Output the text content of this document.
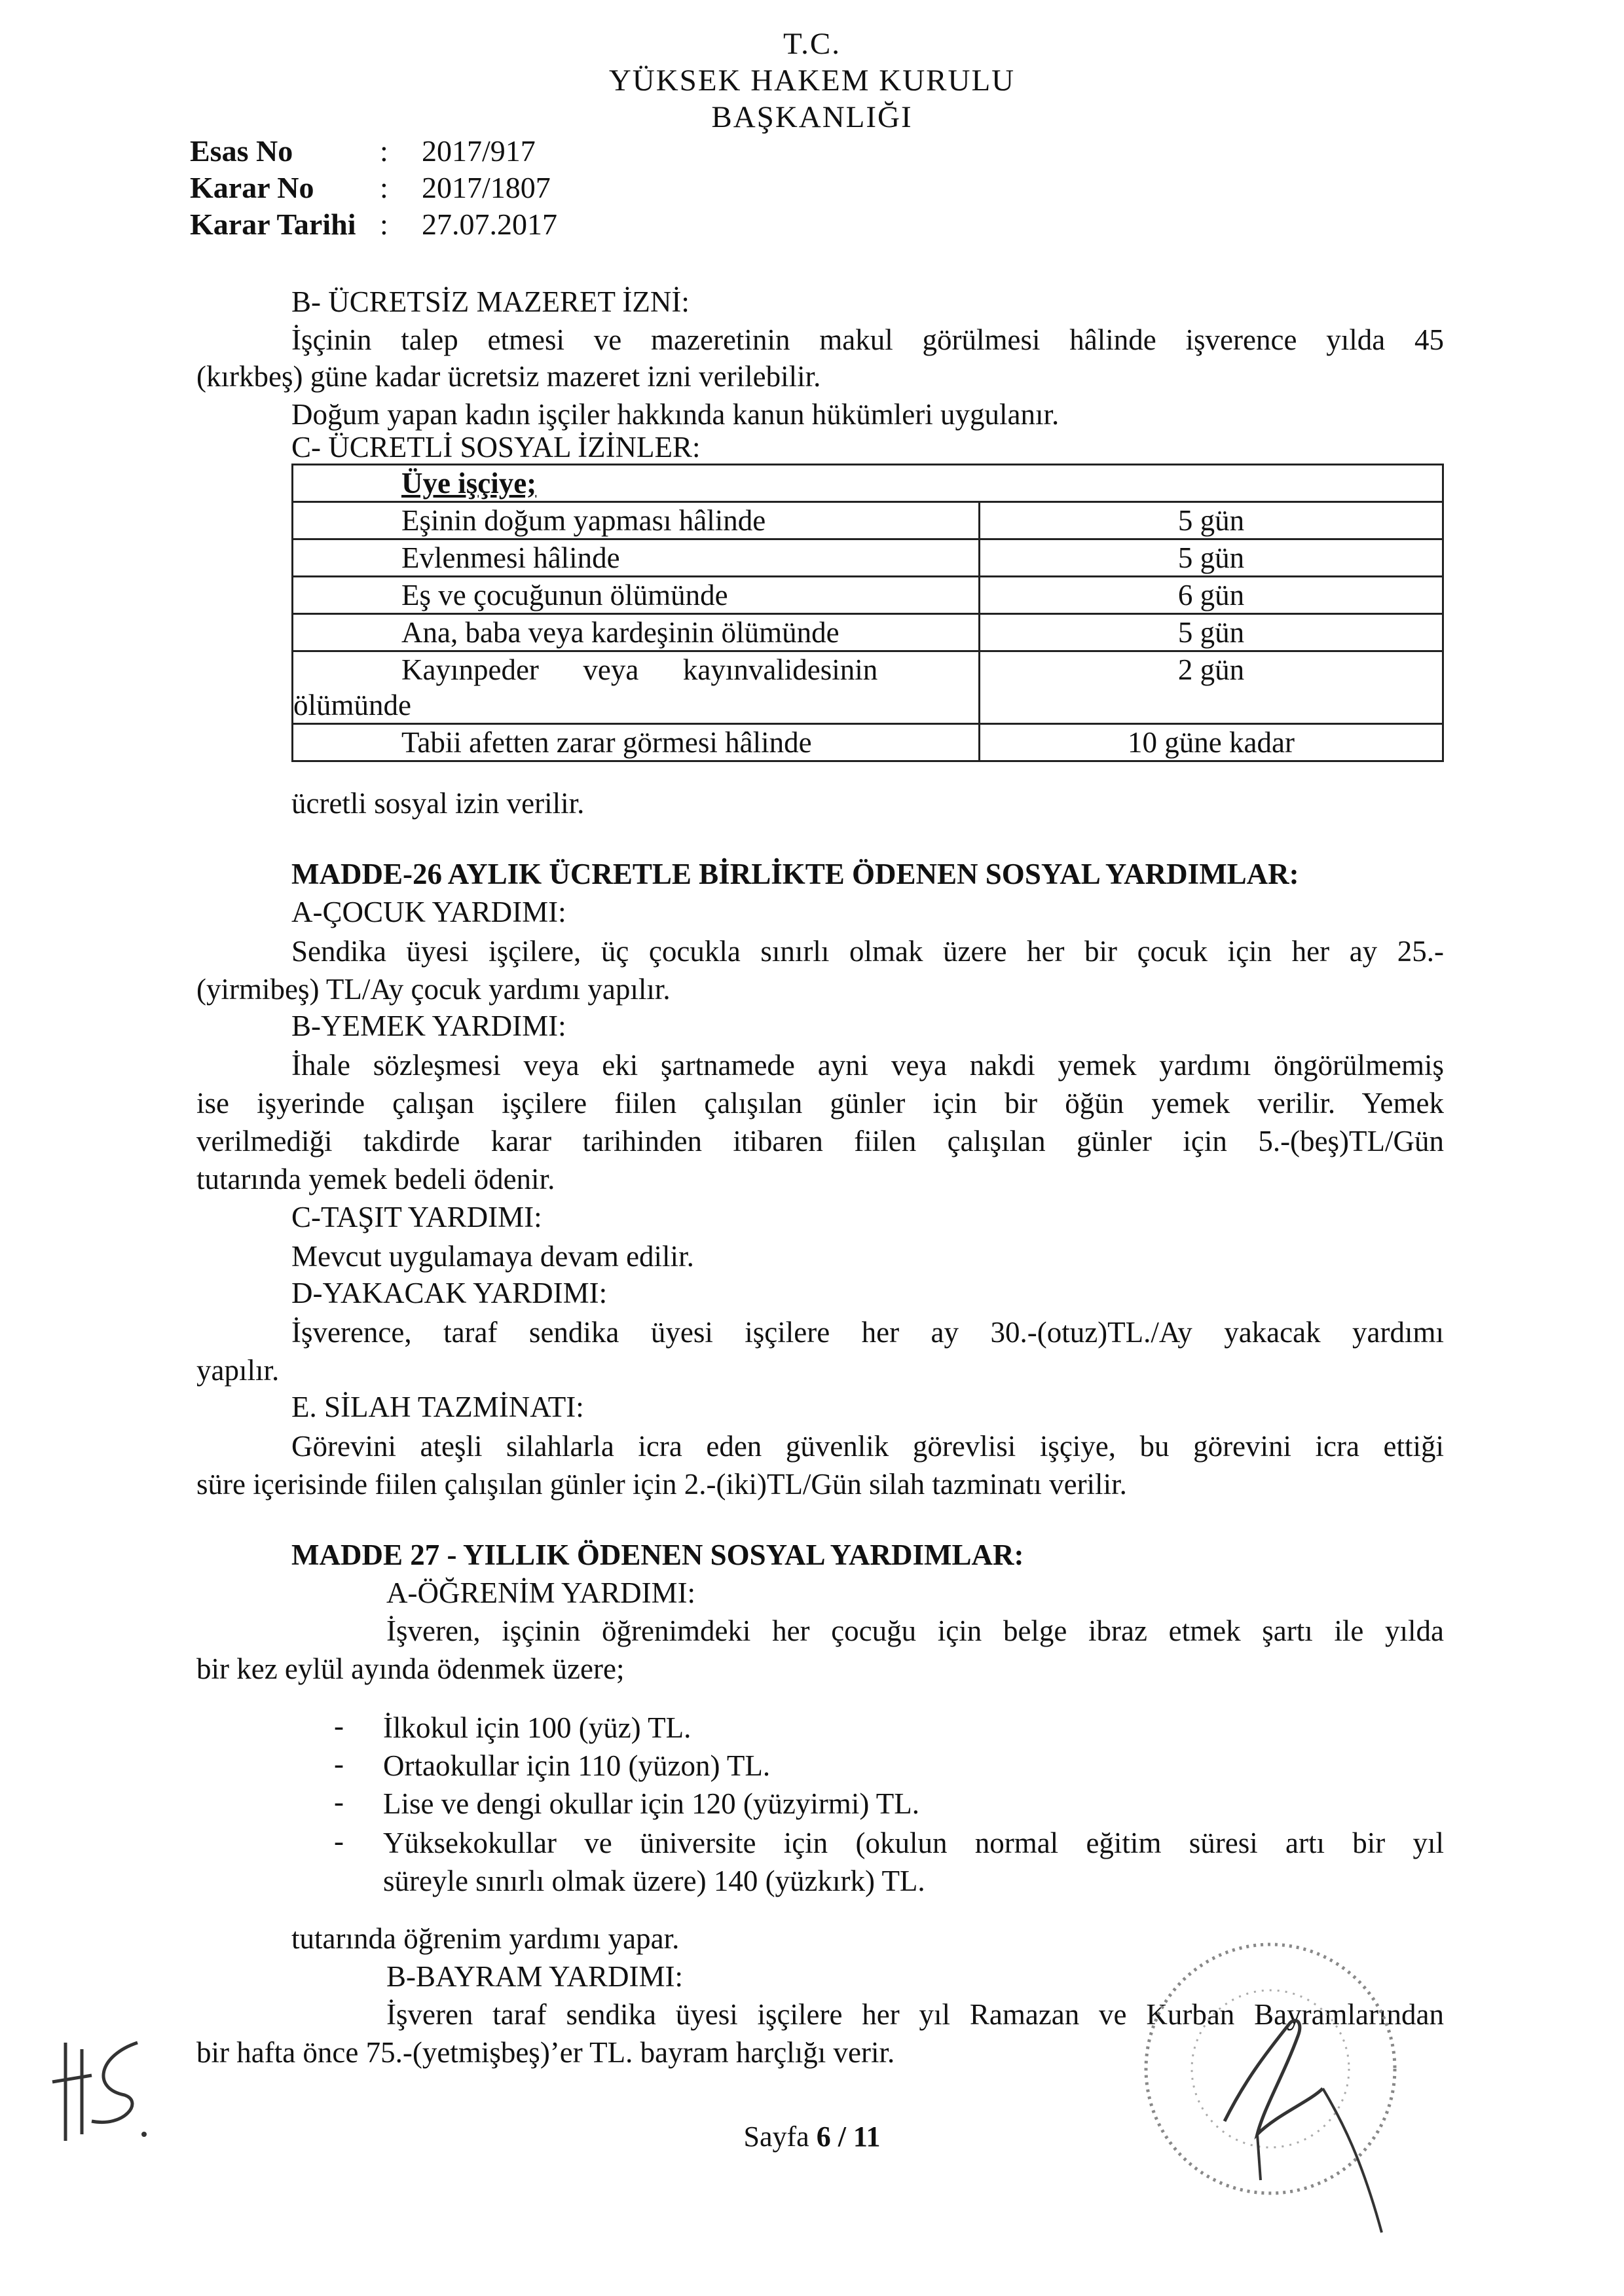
T.C.
YÜKSEK HAKEM KURULU
BAŞKANLIĞI
Esas No	: 2017/917
Karar No : 2017/1807
Karar Tarihi : 27.07.2017
B- ÜCRETSİZ MAZERET İZNİ:
İşçinin talep etmesi ve mazeretinin makul görülmesi hâlinde işverence yılda 45
(kırkbeş) güne kadar ücretsiz mazeret izni verilebilir.
Doğum yapan kadın işçiler hakkında kanun hükümleri uygulanır.
C- ÜCRETLİ SOSYAL İZİNLER:
Üye işçiye;	

Eşinin doğum yapması hâlinde	5 gün

Evlenmesi hâlinde	5 gün

Eş ve çocuğunun ölümünde	6 gün

Ana, baba veya kardeşinin ölümünde	5 gün

Kayınpeder      veya      kayınvalidesinin
ölümünde	2 gün

Tabii afetten zarar görmesi hâlinde	10 güne kadar
ücretli sosyal izin verilir.
MADDE-26 AYLIK ÜCRETLE BİRLİKTE ÖDENEN SOSYAL YARDIMLAR:
A-ÇOCUK YARDIMI:
Sendika üyesi işçilere, üç çocukla sınırlı olmak üzere her bir çocuk için her ay 25.-
(yirmibeş) TL/Ay çocuk yardımı yapılır.
B-YEMEK YARDIMI:
İhale sözleşmesi veya eki şartnamede ayni veya nakdi yemek yardımı öngörülmemiş
ise işyerinde çalışan işçilere fiilen çalışılan günler için bir öğün yemek verilir. Yemek
verilmediği takdirde karar tarihinden itibaren fiilen çalışılan günler için 5.-(beş)TL/Gün
tutarında yemek bedeli ödenir.
C-TAŞIT YARDIMI:
Mevcut uygulamaya devam edilir.
D-YAKACAK YARDIMI:
İşverence, taraf sendika üyesi işçilere her ay 30.-(otuz)TL./Ay yakacak yardımı
yapılır.
E. SİLAH TAZMİNATI:
Görevini ateşli silahlarla icra eden güvenlik görevlisi işçiye, bu görevini icra ettiği
süre içerisinde fiilen çalışılan günler için 2.-(iki)TL/Gün silah tazminatı verilir.
MADDE 27 - YILLIK ÖDENEN SOSYAL YARDIMLAR:
A-ÖĞRENİM YARDIMI:
İşveren, işçinin öğrenimdeki her çocuğu için belge ibraz etmek şartı ile yılda
bir kez eylül ayında ödenmek üzere;
- İlkokul için 100 (yüz) TL.
- Ortaokullar için 110 (yüzon) TL.
- Lise ve dengi okullar için 120 (yüzyirmi) TL.
- Yüksekokullar ve üniversite için (okulun normal eğitim süresi artı bir yıl
süreyle sınırlı olmak üzere) 140 (yüzkırk) TL.
tutarında öğrenim yardımı yapar.
B-BAYRAM YARDIMI:
İşveren taraf sendika üyesi işçilere her yıl Ramazan ve Kurban Bayramlarından
bir hafta önce 75.-(yetmişbeş)’er TL. bayram harçlığı verir.
Sayfa 6 / 11
